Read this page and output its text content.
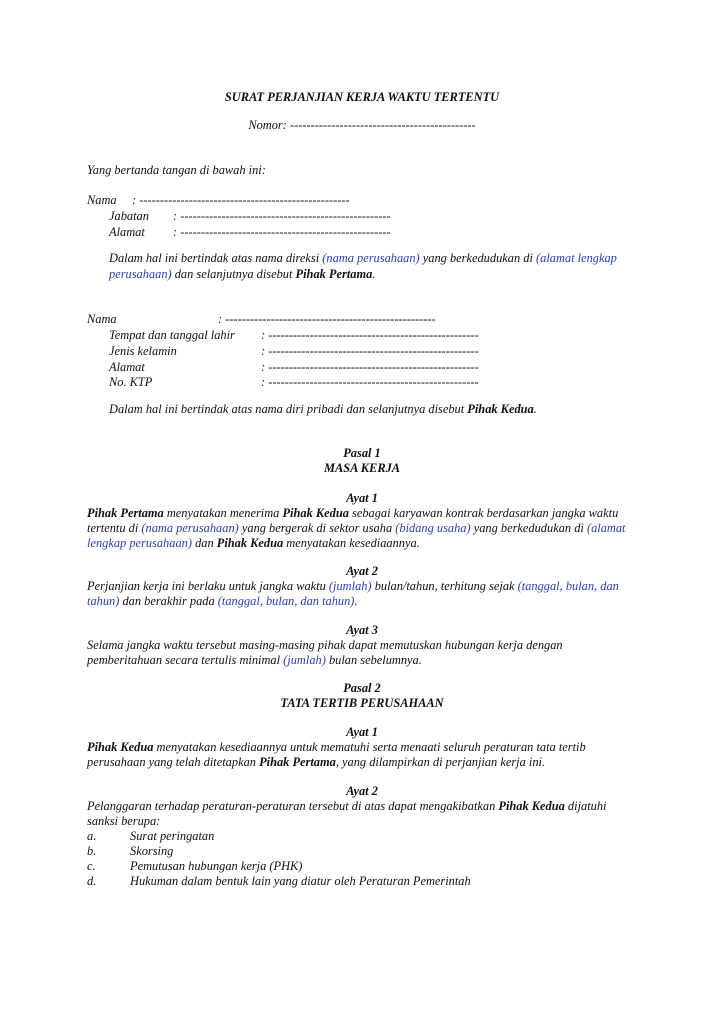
SURAT PERJANJIAN KERJA WAKTU TERTENTU
Nomor: ---------------------------------------------
Yang bertanda tangan di bawah ini:
Nama : ---------------------------------------------------
Jabatan : ---------------------------------------------------
Alamat : ---------------------------------------------------
Dalam hal ini bertindak atas nama direksi (nama perusahaan) yang berkedudukan di (alamat lengkap
perusahaan) dan selanjutnya disebut Pihak Pertama.
Nama	: ---------------------------------------------------
Tempat dan tanggal lahir : ---------------------------------------------------
Jenis kelamin	: ---------------------------------------------------
Alamat	: ---------------------------------------------------
No. KTP	: ---------------------------------------------------
Dalam hal ini bertindak atas nama diri pribadi dan selanjutnya disebut Pihak Kedua.
Pasal 1
MASA KERJA
Ayat 1
Pihak Pertama menyatakan menerima Pihak Kedua sebagai karyawan kontrak berdasarkan jangka waktu
tertentu di (nama perusahaan) yang bergerak di sektor usaha (bidang usaha) yang berkedudukan di (alamat
lengkap perusahaan) dan Pihak Kedua menyatakan kesediaannya.
Ayat 2
Perjanjian kerja ini berlaku untuk jangka waktu (jumlah) bulan/tahun, terhitung sejak (tanggal, bulan, dan
tahun) dan berakhir pada (tanggal, bulan, dan tahun).
Ayat 3
Selama jangka waktu tersebut masing-masing pihak dapat memutuskan hubungan kerja dengan
pemberitahuan secara tertulis minimal (jumlah) bulan sebelumnya.
Pasal 2
TATA TERTIB PERUSAHAAN
Ayat 1
Pihak Kedua menyatakan kesediaannya untuk mematuhi serta menaati seluruh peraturan tata tertib
perusahaan yang telah ditetapkan Pihak Pertama, yang dilampirkan di perjanjian kerja ini.
Ayat 2
Pelanggaran terhadap peraturan-peraturan tersebut di atas dapat mengakibatkan Pihak Kedua dijatuhi
sanksi berupa:
a.	Surat peringatan
b.	Skorsing
c.	Pemutusan hubungan kerja (PHK)
d.	Hukuman dalam bentuk lain yang diatur oleh Peraturan Pemerintah
